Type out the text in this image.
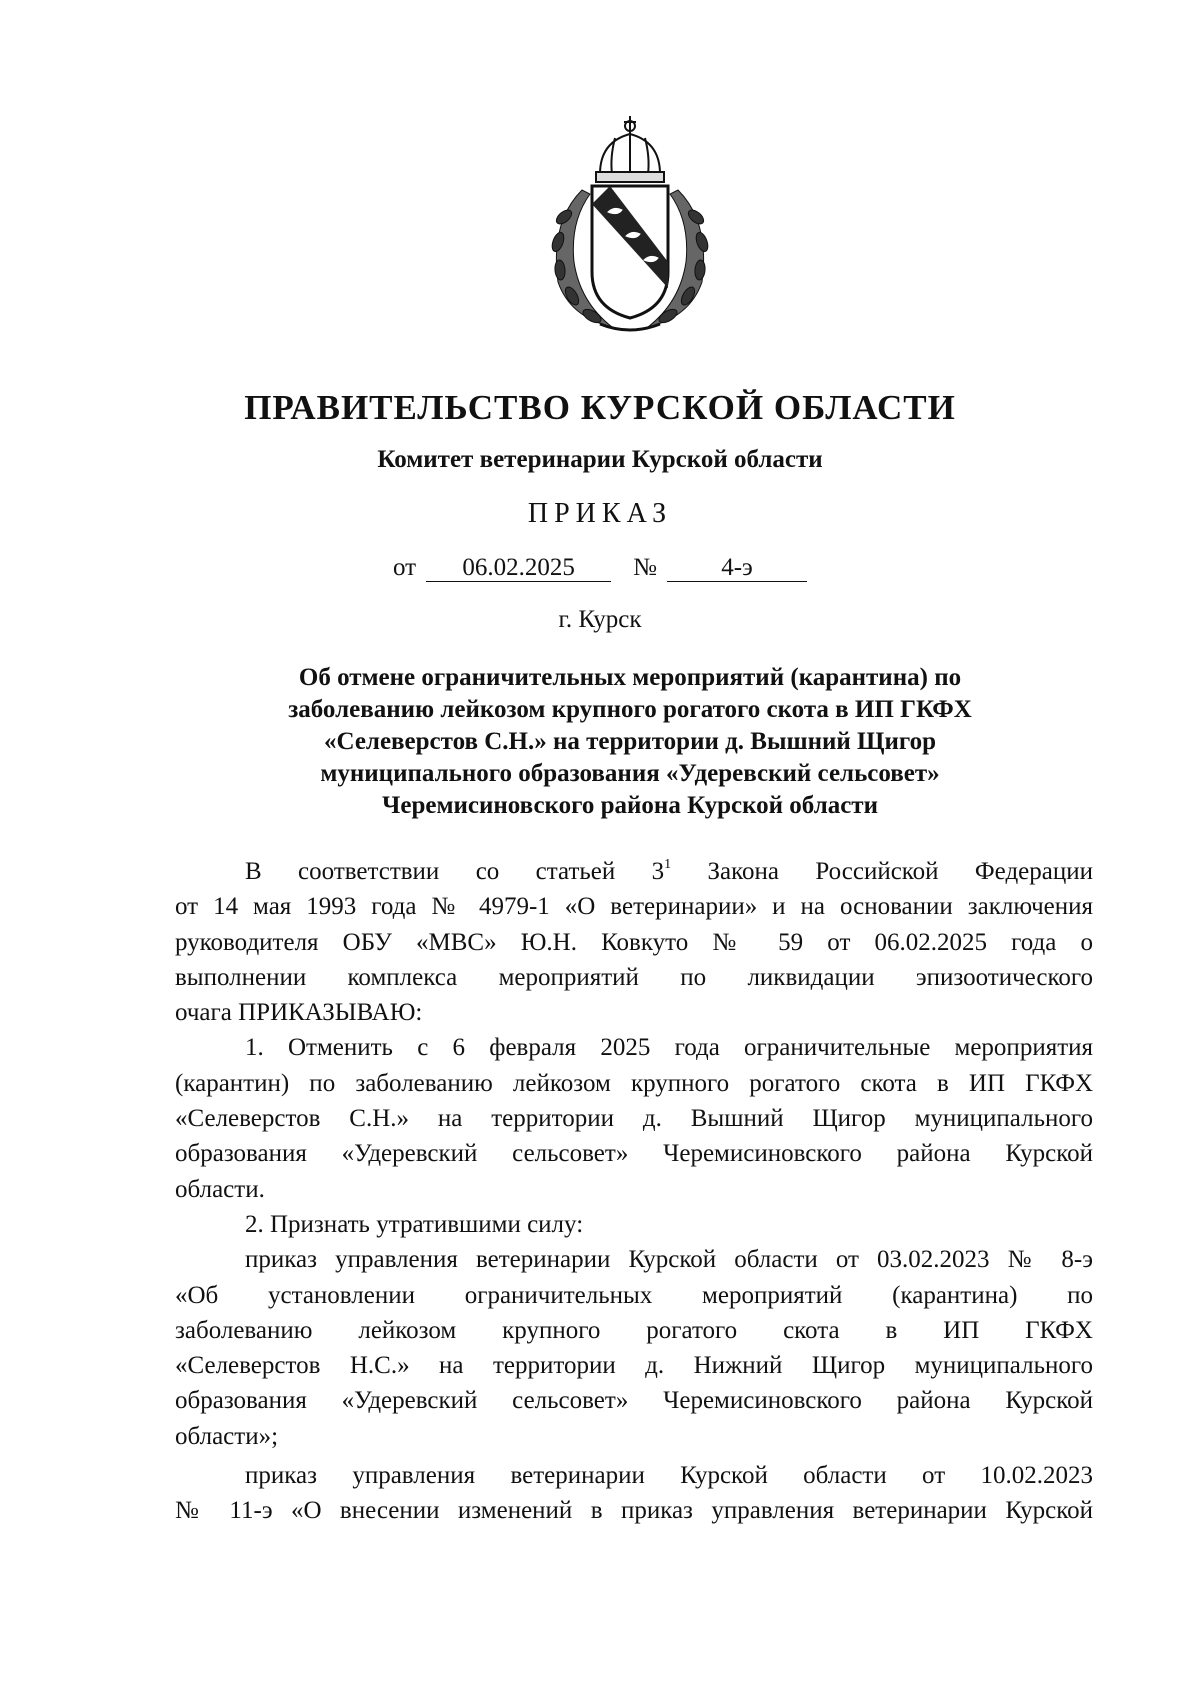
ПРАВИТЕЛЬСТВО КУРСКОЙ ОБЛАСТИ
Комитет ветеринарии Курской области
ПРИКАЗ
от 06.02.2025 №	4-э
г. Курск
Об отмене ограничительных мероприятий (карантина) по
заболеванию лейкозом крупного рогатого скота в ИП ГКФХ
«Селеверстов С.Н.» на территории д. Вышний Щигор
муниципального образования «Удеревский сельсовет»
Черемисиновского района Курской области
В соответствии со статьей $3^1$ Закона Российской Федерации
от 14 мая 1993 года № 4979-1 «О ветеринарии» и на основании заключения
руководителя ОБУ «МВС» Ю.Н. Ковкуто № 59 от 06.02.2025 года о
выполнении комплекса мероприятий по ликвидации эпизоотического
очага ПРИКАЗЫВАЮ:
1. Отменить с 6 февраля 2025 года ограничительные мероприятия
(карантин) по заболеванию лейкозом крупного рогатого скота в ИП ГКФХ
«Селеверстов С.Н.» на территории д. Вышний Щигор муниципального
образования «Удеревский сельсовет» Черемисиновского района Курской
области.
2. Признать утратившими силу:
приказ управления ветеринарии Курской области от 03.02.2023 № 8-э
«Об установлении ограничительных мероприятий (карантина) по
заболеванию лейкозом крупного рогатого скота в ИП ГКФХ
«Селеверстов Н.С.» на территории д. Нижний Щигор муниципального
образования «Удеревский сельсовет» Черемисиновского района Курской
области»;
приказ управления ветеринарии Курской области от 10.02.2023
№ 11-э «О внесении изменений в приказ управления ветеринарии Курской
